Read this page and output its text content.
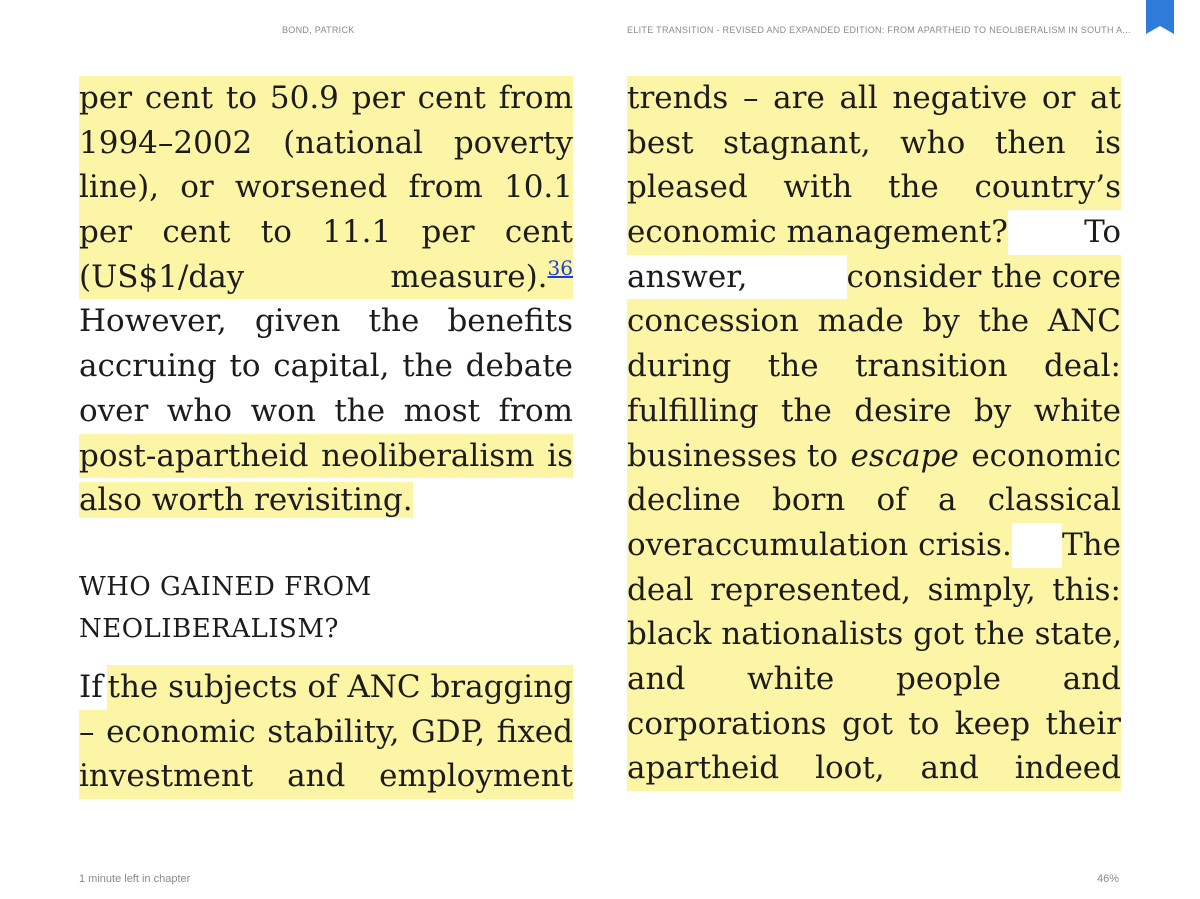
BOND, PATRICK	ELITE TRANSITION - REVISED AND EXPANDED EDITION: FROM APARTHEID TO NEOLIBERALISM IN SOUTH A...
per cent to 50.9 per cent from
1994–2002 (national poverty
line), or worsened from 10.1
per cent to 11.1 per cent
(US$1/day	measure).$^{36}$
However, given the benefits
accruing to capital, the debate
over who won the most from
post-apartheid neoliberalism is
also worth revisiting.
WHO GAINED FROM
NEOLIBERALISM?
If the subjects of ANC bragging
– economic stability, GDP, fixed
investment and employment
trends – are all negative or at
best stagnant, who then is
pleased with the country’s
economic management? To
answer,	consider the core
concession made by the ANC
during the transition deal:
fulfilling the desire by white
businesses to escape economic
decline born of a classical
overaccumulation crisis. The
deal represented, simply, this:
black nationalists got the state,
and white people and
corporations got to keep their
apartheid loot, and indeed
1 minute left in chapter	46%
